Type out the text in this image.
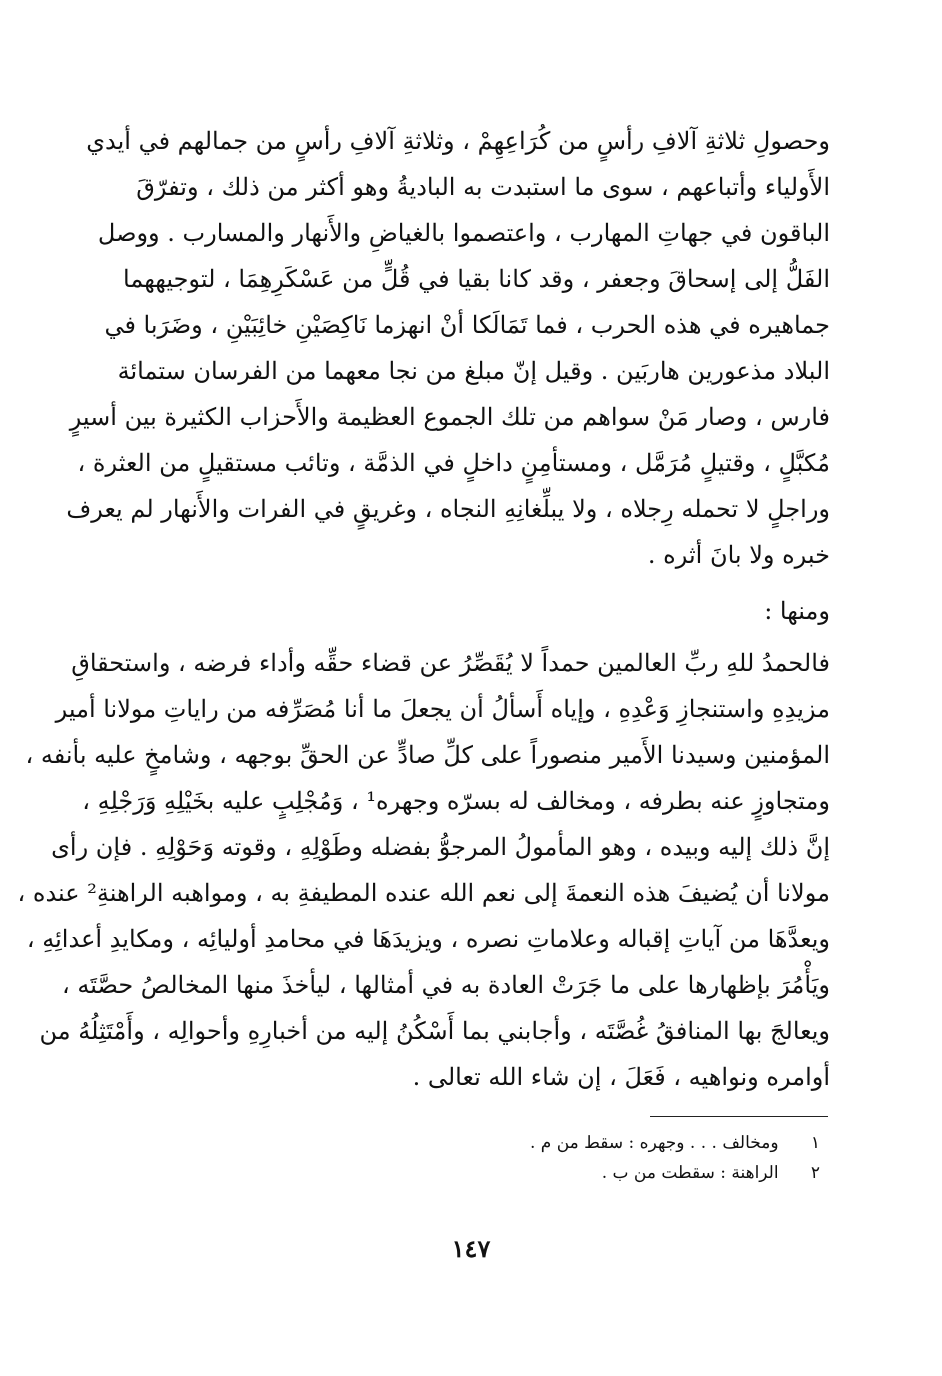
وحصولِ ثلاثةِ آلافِ رأسٍ من كُرَاعِهِمْ ، وثلاثةِ آلافِ رأسٍ من جمالهم في أيدي
الأَولياء وأتباعهم ، سوى ما استبدت به الباديةُ وهو أكثر من ذلك ، وتفرّقَ
الباقون في جهاتِ المهارب ، واعتصموا بالغياضِ والأَنهار والمسارب . ووصل
الفَلُّ إلى إسحاقَ وجعفر ، وقد كانا بقيا في قُلٍّ من عَسْكَرِهِمَا ، لتوجيههما
جماهيره في هذه الحرب ، فما تَمَالَكا أنْ انهزما نَاكِصَيْنِ خائِبَيْنِ ، وضَرَبا في
البلاد مذعورين هاربَين . وقيل إنّ مبلغ من نجا معهما من الفرسان ستمائة
فارس ، وصار مَنْ سواهم من تلك الجموع العظيمة والأَحزاب الكثيرة بين أسيرٍ
مُكبَّلٍ ، وقتيلٍ مُرَمَّل ، ومستأمِنٍ داخلٍ في الذمَّة ، وتائب مستقيلٍ من العثرة ،
وراجلٍ لا تحمله رِجلاه ، ولا يبلِّغانِهِ النجاه ، وغريقٍ في الفرات والأَنهار لم يعرف
خبره ولا بانَ أثره .
ومنها :
فالحمدُ للهِ ربِّ العالمين حمداً لا يُقَصِّرُ عن قضاء حقِّه وأداء فرضه ، واستحقاقِ
مزيدِهِ واستنجازِ وَعْدِهِ ، وإياه أَسألُ أن يجعلَ ما أنا مُصَرِّفه من راياتِ مولانا أمير
المؤمنين وسيدنا الأَمير منصوراً على كلِّ صادٍّ عن الحقِّ بوجهه ، وشامخٍ عليه بأنفه ،
ومتجاوزٍ عنه بطرفه ، ومخالف له بسرّه وجهره¹ ، وَمُجْلِبٍ عليه بخَيْلِهِ وَرَجْلِهِ ،
إنَّ ذلك إليه وبيده ، وهو المأمولُ المرجوُّ بفضله وطَوْلِهِ ، وقوته وَحَوْلِهِ . فإن رأى
مولانا أن يُضيفَ هذه النعمةَ إلى نعم الله عنده المطيفةِ به ، ومواهبه الراهنةِ² عنده ،
ويعدَّهَا من آياتِ إقباله وعلاماتِ نصره ، ويزيدَهَا في محامدِ أوليائِه ، ومكايدِ أعدائِهِ ،
ويَأْمُرَ بإظهارها على ما جَرَتْ العادة به في أمثالها ، ليأخذَ منها المخالصُ حصَّتَه ،
ويعالجَ بها المنافقُ غُصَّتَه ، وأجابني بما أَسْكُنُ إليه من أخبارِهِ وأحوالِه ، وأَمْتَثِلُهُ من
أوامره ونواهيه ، فَعَلَ ، إن شاء الله تعالى .
١ ومخالف . . . وجهره : سقط من م .
٢ الراهنة : سقطت من ب .
١٤٧
